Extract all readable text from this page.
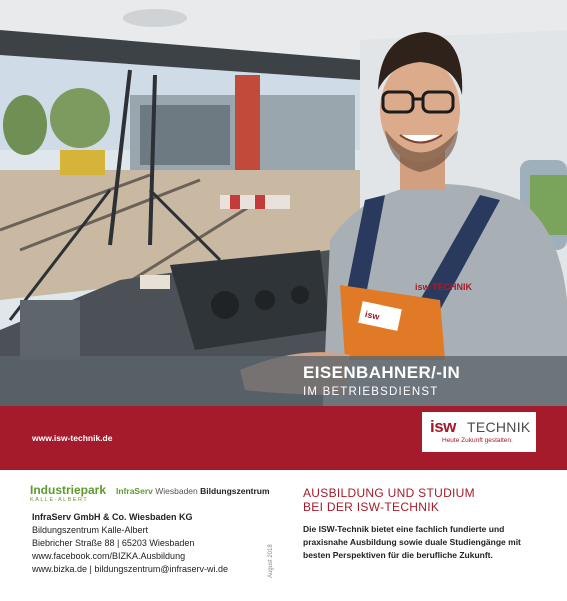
isw
isw TECHNIK
EISENBAHNER/-IN
IM BETRIEBSDIENST
www.isw-technik.de
isw TECHNIK
Heute Zukunft gestalten.
Industriepark
KALLE-ALBERT
InfraServ Wiesbaden Bildungszentrum
InfraServ GmbH & Co. Wiesbaden KG
Bildungszentrum Kalle-Albert
Biebricher Straße 88 | 65203 Wiesbaden
www.facebook.com/BIZKA.Ausbildung
www.bizka.de | bildungszentrum@infraserv-wi.de	August 2018
AUSBILDUNG UND STUDIUM
BEI DER ISW-TECHNIK
Die ISW-Technik bietet eine fachlich fundierte und
praxisnahe Ausbildung sowie duale Studiengänge mit
besten Perspektiven für die berufliche Zukunft.
